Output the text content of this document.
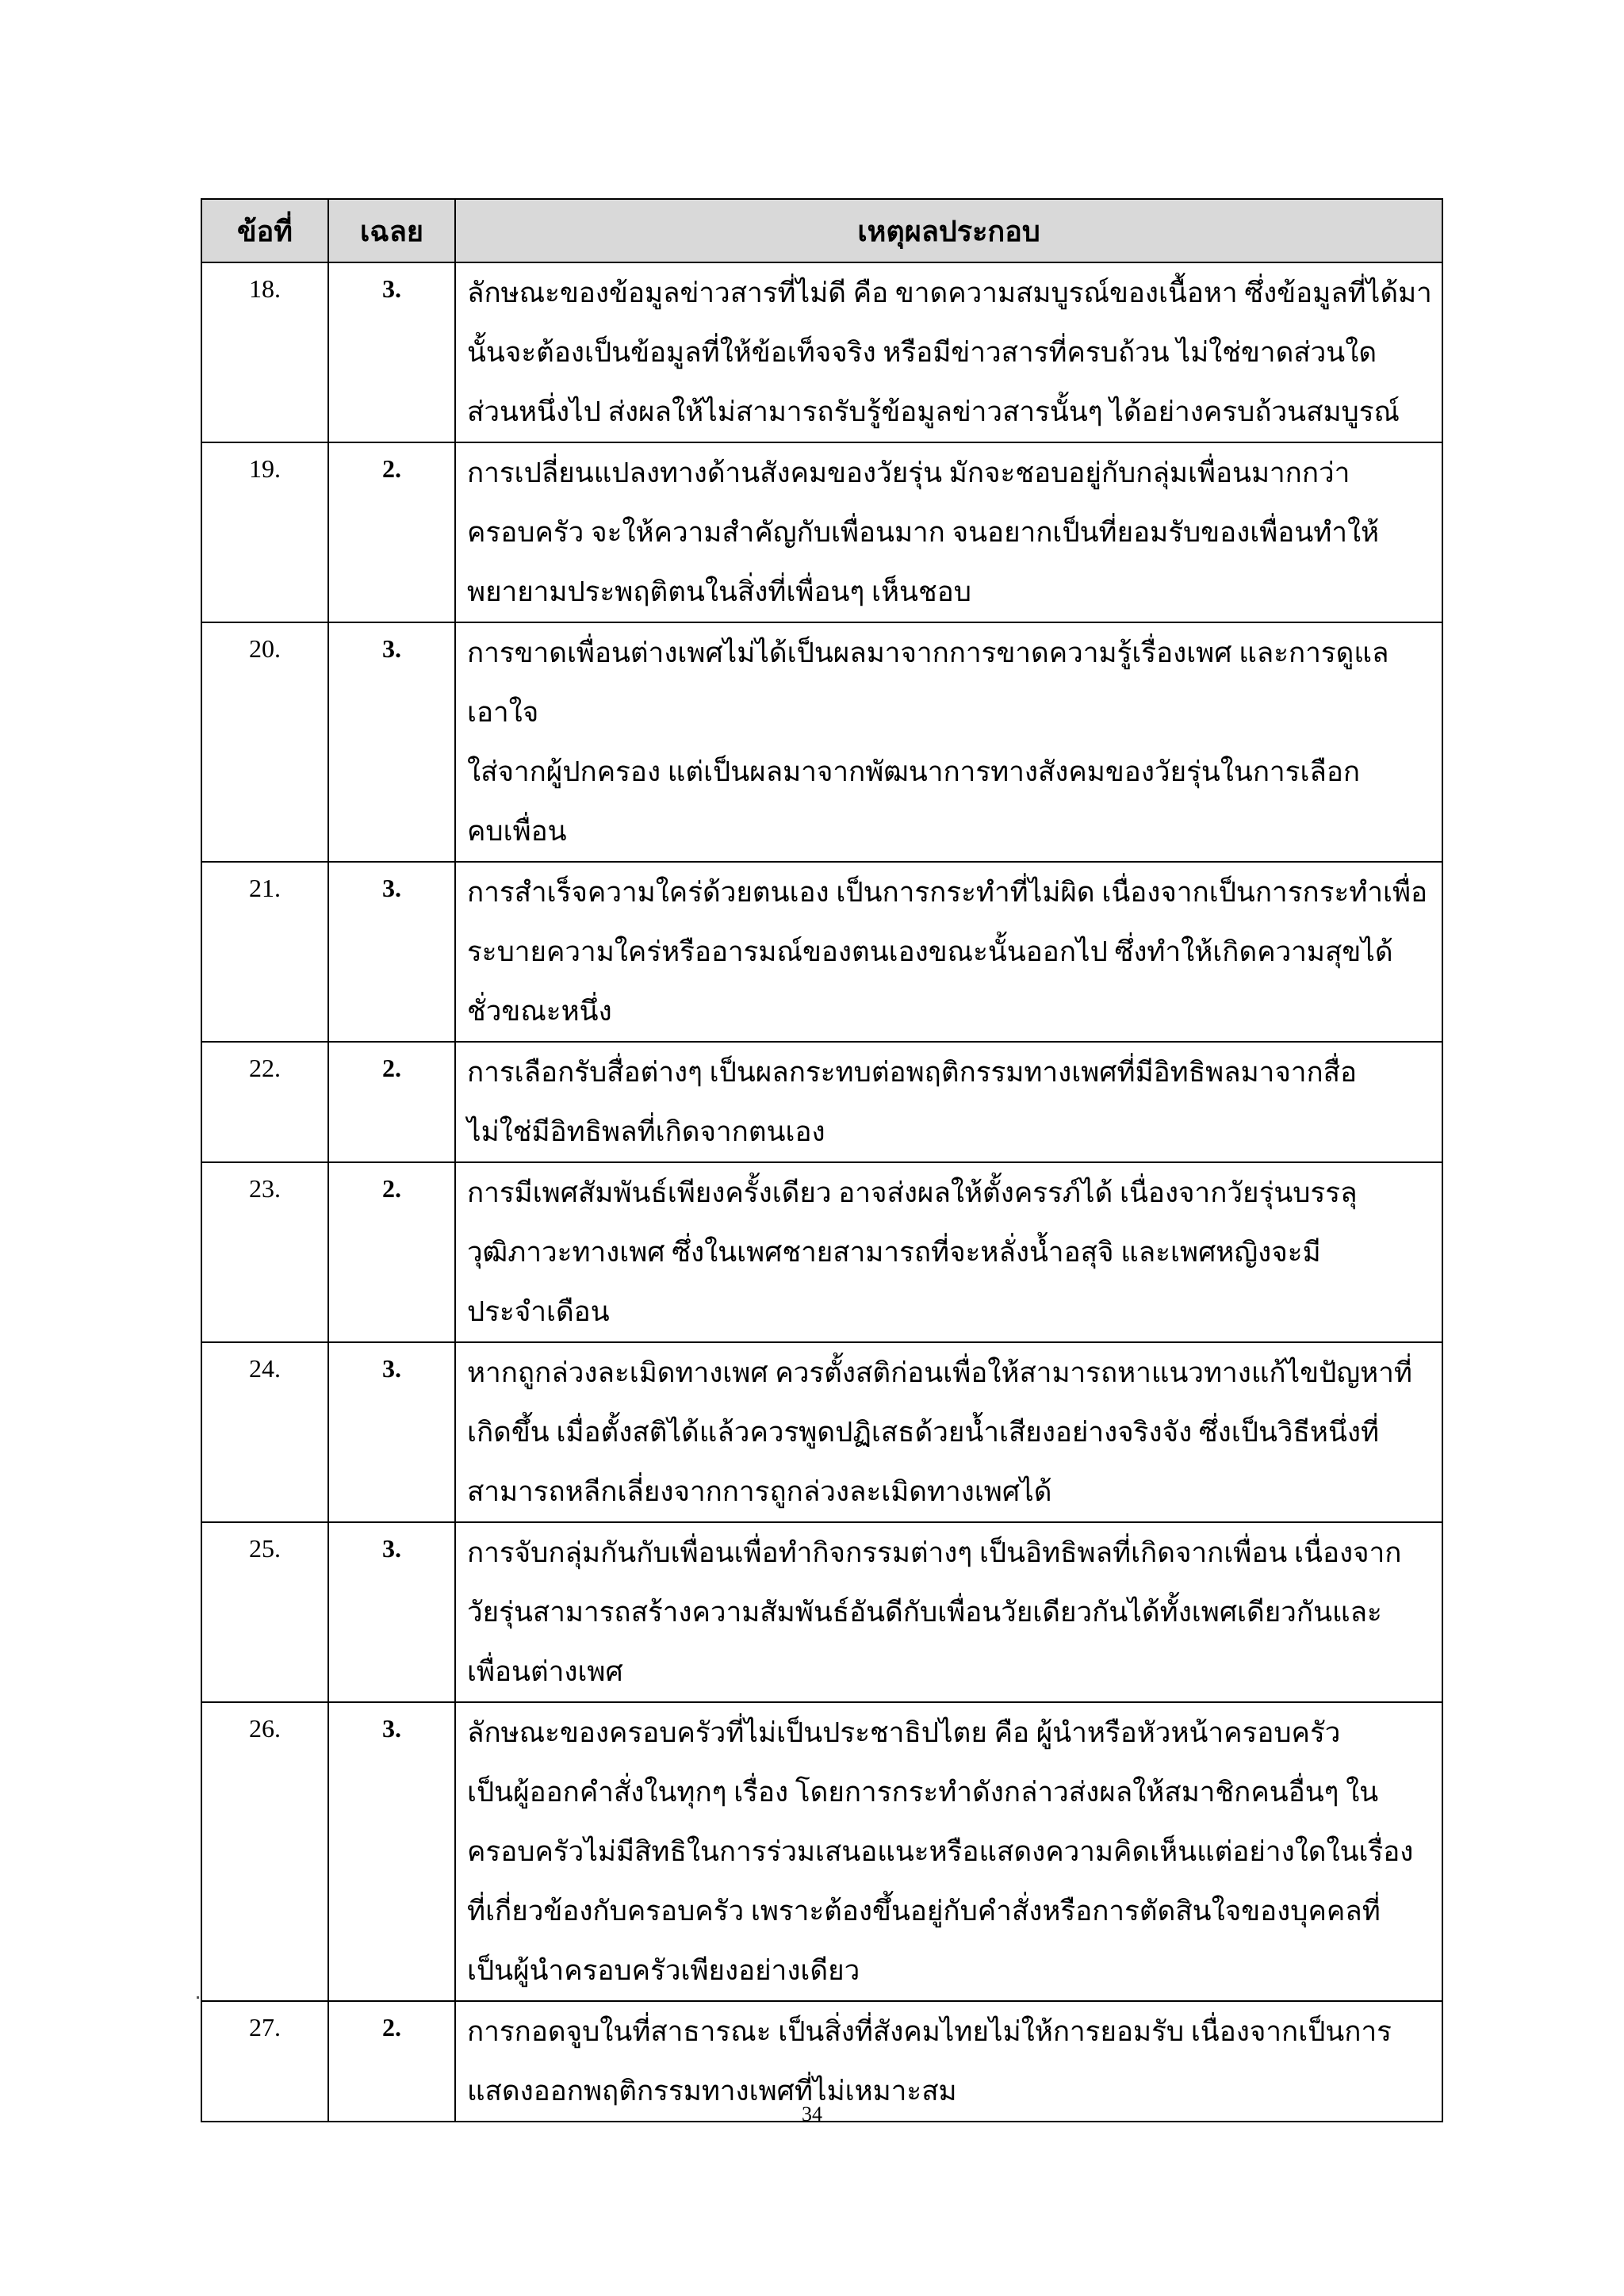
ข้อที่	เฉลย	เหตุผลประกอบ
18.	3.	ลักษณะของข้อมูลข่าวสารที่ไม่ดี คือ ขาดความสมบูรณ์ของเนื้อหา ซึ่งข้อมูลที่ได้มา
นั้นจะต้องเป็นข้อมูลที่ให้ข้อเท็จจริง หรือมีข่าวสารที่ครบถ้วน ไม่ใช่ขาดส่วนใด
ส่วนหนึ่งไป ส่งผลให้ไม่สามารถรับรู้ข้อมูลข่าวสารนั้นๆ ได้อย่างครบถ้วนสมบูรณ์

19.	2.	การเปลี่ยนแปลงทางด้านสังคมของวัยรุ่น มักจะชอบอยู่กับกลุ่มเพื่อนมากกว่า
ครอบครัว จะให้ความสำคัญกับเพื่อนมาก จนอยากเป็นที่ยอมรับของเพื่อนทำให้
พยายามประพฤติตนในสิ่งที่เพื่อนๆ เห็นชอบ

20.	3.	การขาดเพื่อนต่างเพศไม่ได้เป็นผลมาจากการขาดความรู้เรื่องเพศ และการดูแลเอาใจ
ใส่จากผู้ปกครอง แต่เป็นผลมาจากพัฒนาการทางสังคมของวัยรุ่นในการเลือก
คบเพื่อน

21.	3.	การสำเร็จความใคร่ด้วยตนเอง เป็นการกระทำที่ไม่ผิด เนื่องจากเป็นการกระทำเพื่อ
ระบายความใคร่หรืออารมณ์ของตนเองขณะนั้นออกไป ซึ่งทำให้เกิดความสุขได้
ชั่วขณะหนึ่ง

22.	2.	การเลือกรับสื่อต่างๆ เป็นผลกระทบต่อพฤติกรรมทางเพศที่มีอิทธิพลมาจากสื่อ
ไม่ใช่มีอิทธิพลที่เกิดจากตนเอง

23.	2.	การมีเพศสัมพันธ์เพียงครั้งเดียว อาจส่งผลให้ตั้งครรภ์ได้ เนื่องจากวัยรุ่นบรรลุ
วุฒิภาวะทางเพศ ซึ่งในเพศชายสามารถที่จะหลั่งน้ำอสุจิ และเพศหญิงจะมี
ประจำเดือน

24.	3.	หากถูกล่วงละเมิดทางเพศ ควรตั้งสติก่อนเพื่อให้สามารถหาแนวทางแก้ไขปัญหาที่
เกิดขึ้น เมื่อตั้งสติได้แล้วควรพูดปฏิเสธด้วยน้ำเสียงอย่างจริงจัง ซึ่งเป็นวิธีหนึ่งที่
สามารถหลีกเลี่ยงจากการถูกล่วงละเมิดทางเพศได้

25.	3.	การจับกลุ่มกันกับเพื่อนเพื่อทำกิจกรรมต่างๆ เป็นอิทธิพลที่เกิดจากเพื่อน เนื่องจาก
วัยรุ่นสามารถสร้างความสัมพันธ์อันดีกับเพื่อนวัยเดียวกันได้ทั้งเพศเดียวกันและ
เพื่อนต่างเพศ

26.	3.	ลักษณะของครอบครัวที่ไม่เป็นประชาธิปไตย คือ ผู้นำหรือหัวหน้าครอบครัว
เป็นผู้ออกคำสั่งในทุกๆ เรื่อง โดยการกระทำดังกล่าวส่งผลให้สมาชิกคนอื่นๆ ใน
ครอบครัวไม่มีสิทธิในการร่วมเสนอแนะหรือแสดงความคิดเห็นแต่อย่างใดในเรื่อง
ที่เกี่ยวข้องกับครอบครัว เพราะต้องขึ้นอยู่กับคำสั่งหรือการตัดสินใจของบุคคลที่
เป็นผู้นำครอบครัวเพียงอย่างเดียว

27.	2.	การกอดจูบในที่สาธารณะ เป็นสิ่งที่สังคมไทยไม่ให้การยอมรับ เนื่องจากเป็นการ
แสดงออกพฤติกรรมทางเพศที่ไม่เหมาะสม
34
